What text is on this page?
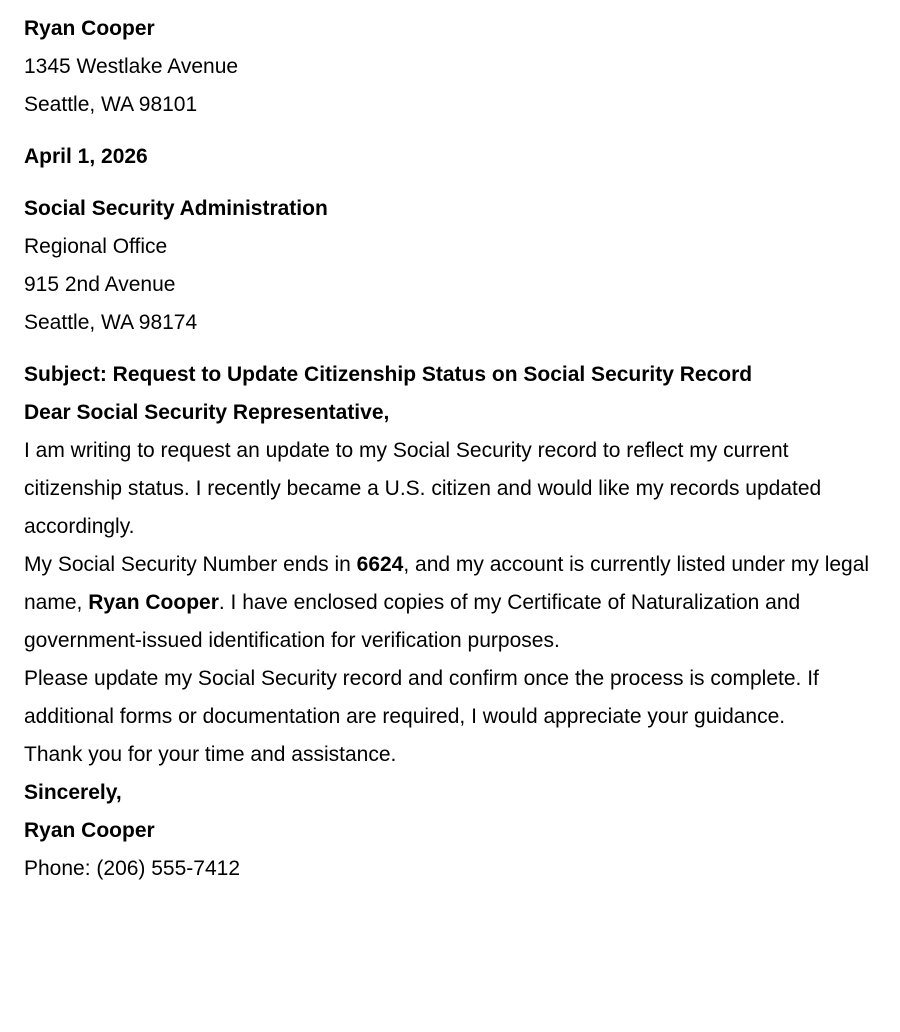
Ryan Cooper

1345 Westlake Avenue

Seattle, WA 98101

April 1, 2026

Social Security Administration

Regional Office

915 2nd Avenue

Seattle, WA 98174

Subject: Request to Update Citizenship Status on Social Security Record

Dear Social Security Representative,

I am writing to request an update to my Social Security record to reflect my current citizenship status. I recently became a U.S. citizen and would like my records updated accordingly.

My Social Security Number ends in 6624, and my account is currently listed under my legal name, Ryan Cooper. I have enclosed copies of my Certificate of Naturalization and government-issued identification for verification purposes.

Please update my Social Security record and confirm once the process is complete. If additional forms or documentation are required, I would appreciate your guidance.

Thank you for your time and assistance.

Sincerely,

Ryan Cooper

Phone: (206) 555-7412
